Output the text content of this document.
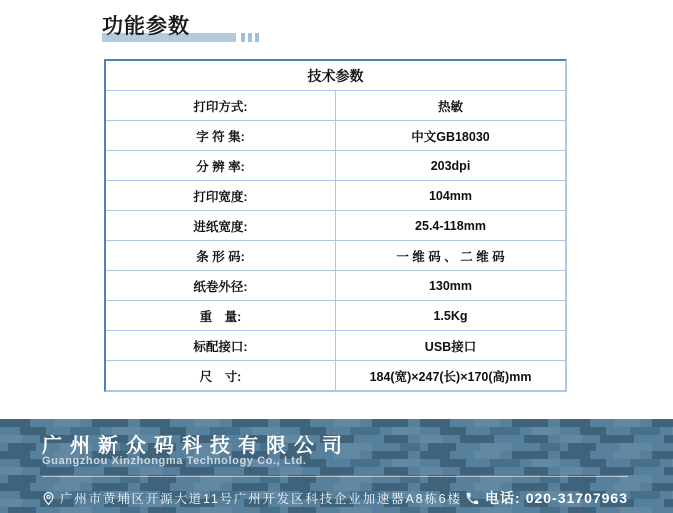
功能参数
技术参数	
打印方式:	热敏
字 符 集:	中文GB18030
分 辨 率:	203dpi
打印宽度:	104mm
进纸宽度:	25.4-118mm
条 形 码:	一 维 码 、 二 维 码
纸卷外径:	130mm
重　量:	1.5Kg
标配接口:	USB接口
尺　寸:	184(宽)×247(长)×170(高)mm
广州新众码科技有限公司
Guangzhou Xinzhongma Technology Co., Ltd.
广州市黄埔区开源大道11号广州开发区科技企业加速器A8栋6楼 电话: 020-31707963
